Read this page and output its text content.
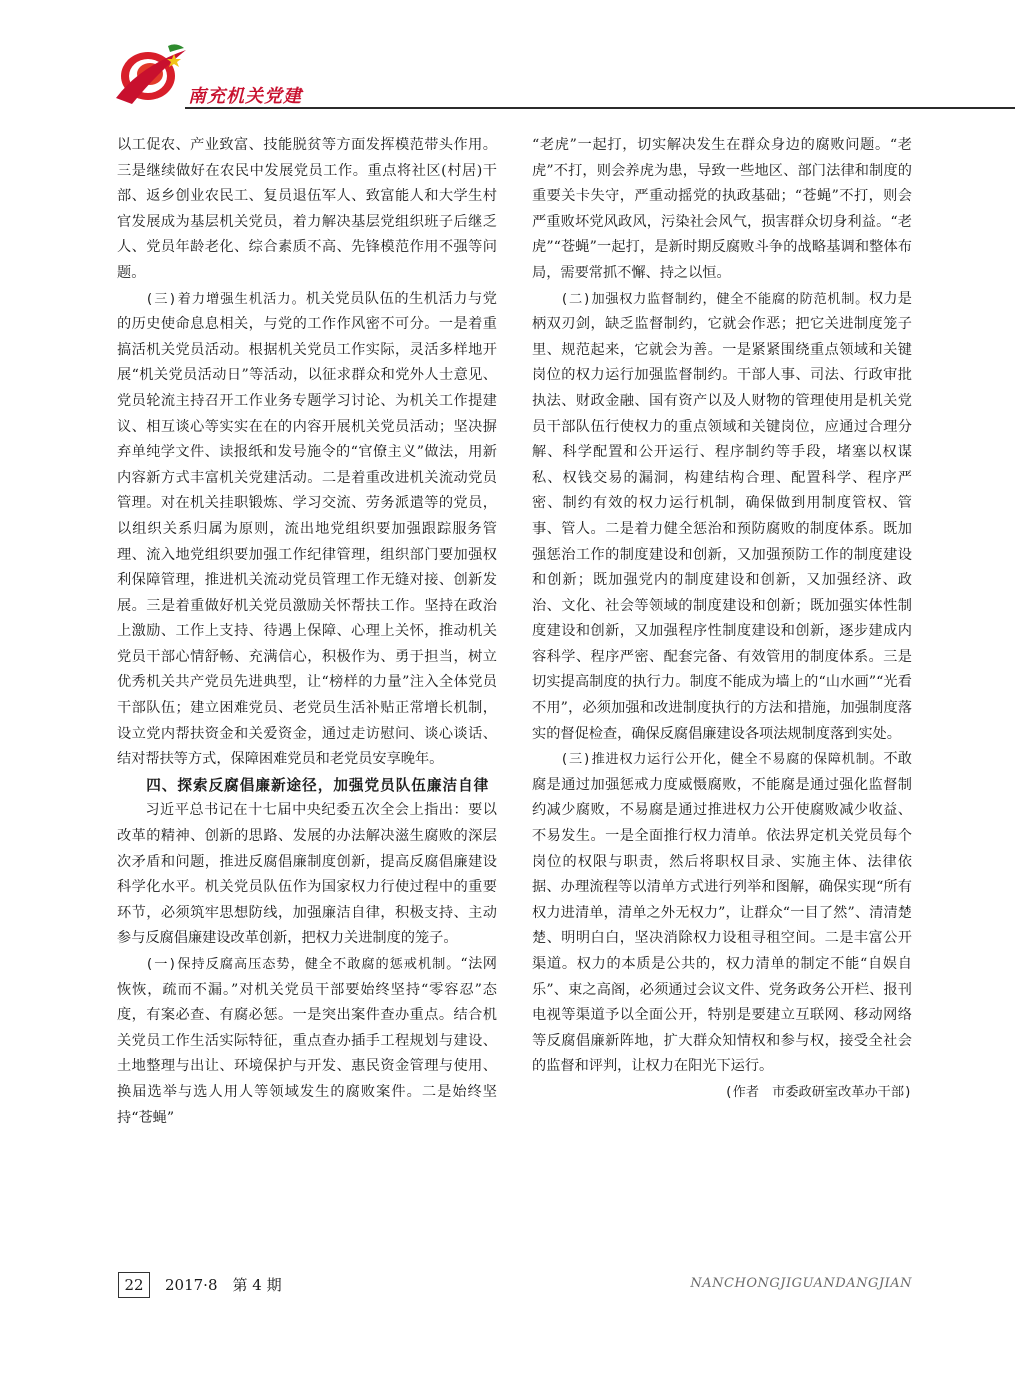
南充机关党建

以工促农、产业致富、技能脱贫等方面发挥模范带头作用。三是继续做好在农民中发展党员工作。重点将社区(村居)干部、返乡创业农民工、复员退伍军人、致富能人和大学生村官发展成为基层机关党员，着力解决基层党组织班子后继乏人、党员年龄老化、综合素质不高、先锋模范作用不强等问题。

(三)着力增强生机活力。机关党员队伍的生机活力与党的历史使命息息相关，与党的工作作风密不可分。一是着重搞活机关党员活动。根据机关党员工作实际，灵活多样地开展“机关党员活动日”等活动，以征求群众和党外人士意见、党员轮流主持召开工作业务专题学习讨论、为机关工作提建议、相互谈心等实实在在的内容开展机关党员活动；坚决摒弃单纯学文件、读报纸和发号施令的“官僚主义”做法，用新内容新方式丰富机关党建活动。二是着重改进机关流动党员管理。对在机关挂职锻炼、学习交流、劳务派遣等的党员，以组织关系归属为原则，流出地党组织要加强跟踪服务管理、流入地党组织要加强工作纪律管理，组织部门要加强权利保障管理，推进机关流动党员管理工作无缝对接、创新发展。三是着重做好机关党员激励关怀帮扶工作。坚持在政治上激励、工作上支持、待遇上保障、心理上关怀，推动机关党员干部心情舒畅、充满信心，积极作为、勇于担当，树立优秀机关共产党员先进典型，让“榜样的力量”注入全体党员干部队伍；建立困难党员、老党员生活补贴正常增长机制，设立党内帮扶资金和关爱资金，通过走访慰问、谈心谈话、结对帮扶等方式，保障困难党员和老党员安享晚年。

四、探索反腐倡廉新途径，加强党员队伍廉洁自律

习近平总书记在十七届中央纪委五次全会上指出：要以改革的精神、创新的思路、发展的办法解决滋生腐败的深层次矛盾和问题，推进反腐倡廉制度创新，提高反腐倡廉建设科学化水平。机关党员队伍作为国家权力行使过程中的重要环节，必须筑牢思想防线，加强廉洁自律，积极支持、主动参与反腐倡廉建设改革创新，把权力关进制度的笼子。

(一)保持反腐高压态势，健全不敢腐的惩戒机制。“法网恢恢，疏而不漏。”对机关党员干部要始终坚持“零容忍”态度，有案必查、有腐必惩。一是突出案件查办重点。结合机关党员工作生活实际特征，重点查办插手工程规划与建设、土地整理与出让、环境保护与开发、惠民资金管理与使用、换届选举与选人用人等领域发生的腐败案件。二是始终坚持“苍蝇”

“老虎”一起打，切实解决发生在群众身边的腐败问题。“老虎”不打，则会养虎为患，导致一些地区、部门法律和制度的重要关卡失守，严重动摇党的执政基础；“苍蝇”不打，则会严重败坏党风政风，污染社会风气，损害群众切身利益。“老虎”“苍蝇”一起打，是新时期反腐败斗争的战略基调和整体布局，需要常抓不懈、持之以恒。

(二)加强权力监督制约，健全不能腐的防范机制。权力是柄双刃剑，缺乏监督制约，它就会作恶；把它关进制度笼子里、规范起来，它就会为善。一是紧紧围绕重点领域和关键岗位的权力运行加强监督制约。干部人事、司法、行政审批执法、财政金融、国有资产以及人财物的管理使用是机关党员干部队伍行使权力的重点领域和关键岗位，应通过合理分解、科学配置和公开运行、程序制约等手段，堵塞以权谋私、权钱交易的漏洞，构建结构合理、配置科学、程序严密、制约有效的权力运行机制，确保做到用制度管权、管事、管人。二是着力健全惩治和预防腐败的制度体系。既加强惩治工作的制度建设和创新，又加强预防工作的制度建设和创新；既加强党内的制度建设和创新，又加强经济、政治、文化、社会等领域的制度建设和创新；既加强实体性制度建设和创新，又加强程序性制度建设和创新，逐步建成内容科学、程序严密、配套完备、有效管用的制度体系。三是切实提高制度的执行力。制度不能成为墙上的“山水画”“光看不用”，必须加强和改进制度执行的方法和措施，加强制度落实的督促检查，确保反腐倡廉建设各项法规制度落到实处。

(三)推进权力运行公开化，健全不易腐的保障机制。不敢腐是通过加强惩戒力度威慑腐败，不能腐是通过强化监督制约减少腐败，不易腐是通过推进权力公开使腐败减少收益、不易发生。一是全面推行权力清单。依法界定机关党员每个岗位的权限与职责，然后将职权目录、实施主体、法律依据、办理流程等以清单方式进行列举和图解，确保实现“所有权力进清单，清单之外无权力”，让群众“一目了然”、清清楚楚、明明白白，坚决消除权力设租寻租空间。二是丰富公开渠道。权力的本质是公共的，权力清单的制定不能“自娱自乐”、束之高阁，必须通过会议文件、党务政务公开栏、报刊电视等渠道予以全面公开，特别是要建立互联网、移动网络等反腐倡廉新阵地，扩大群众知情权和参与权，接受全社会的监督和评判，让权力在阳光下运行。

(作者　市委政研室改革办干部)

22	2017·8　第 4 期	NANCHONGJIGUANDANGJIAN
